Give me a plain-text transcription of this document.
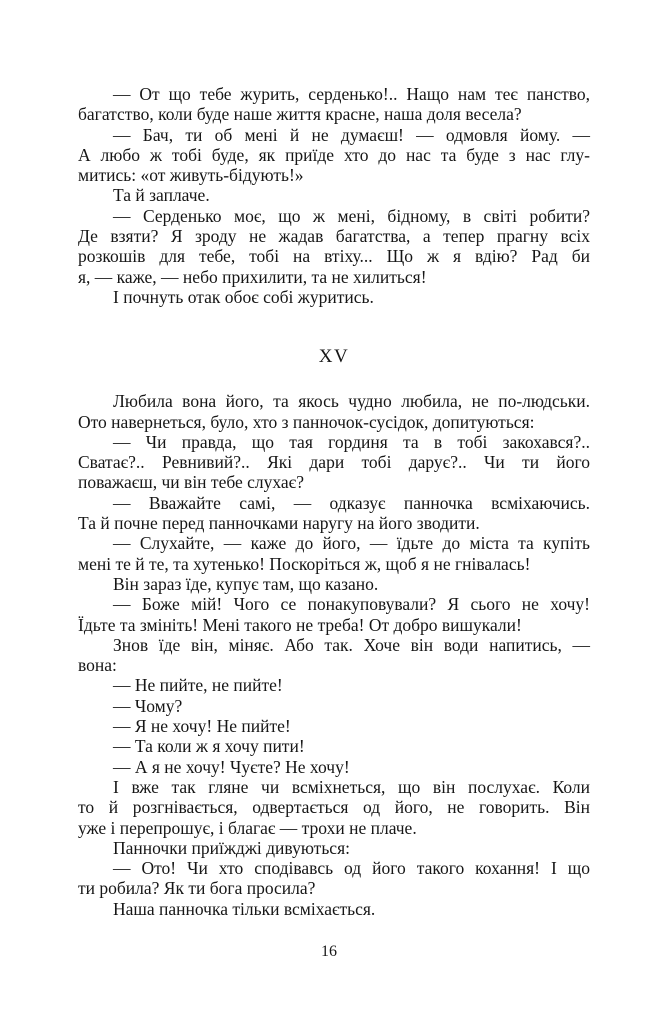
— От що тебе журить, серденько!.. Нащо нам теє панство,
багатство, коли буде наше життя красне, наша доля весела?
— Бач, ти об мені й не думаєш! — одмовля йому. —
А любо ж тобі буде, як приїде хто до нас та буде з нас глу-
митись: «от живуть-бідують!»
Та й заплаче.
— Серденько моє, що ж мені, бідному, в світі робити?
Де взяти? Я зроду не жадав багатства, а тепер прагну всіх
розкошів для тебе, тобі на втіху... Що ж я вдію? Рад би
я, — каже, — небо прихилити, та не хилиться!
І почнуть отак обоє собі журитись.
XV
Любила вона його, та якось чудно любила, не по-людськи.
Ото навернеться, було, хто з панночок-сусідок, допитуються:
— Чи правда, що тая гординя та в тобі закохався?..
Сватає?.. Ревнивий?.. Які дари тобі дарує?.. Чи ти його
поважаєш, чи він тебе слухає?
— Вважайте самі, — одказує панночка всміхаючись.
Та й почне перед панночками наругу на його зводити.
— Слухайте, — каже до його, — їдьте до міста та купіть
мені те й те, та хутенько! Поскоріться ж, щоб я не гнівалась!
Він зараз їде, купує там, що казано.
— Боже мій! Чого се понакуповували? Я сього не хочу!
Їдьте та змініть! Мені такого не треба! От добро вишукали!
Знов їде він, міняє. Або так. Хоче він води напитись, —
вона:
— Не пийте, не пийте!
— Чому?
— Я не хочу! Не пийте!
— Та коли ж я хочу пити!
— А я не хочу! Чуєте? Не хочу!
І вже так гляне чи всміхнеться, що він послухає. Коли
то й розгнівається, одвертається од його, не говорить. Він
уже і перепрошує, і благає — трохи не плаче.
Панночки приїжджі дивуються:
— Ото! Чи хто сподівавсь од його такого кохання! І що
ти робила? Як ти бога просила?
Наша панночка тільки всміхається.
16
